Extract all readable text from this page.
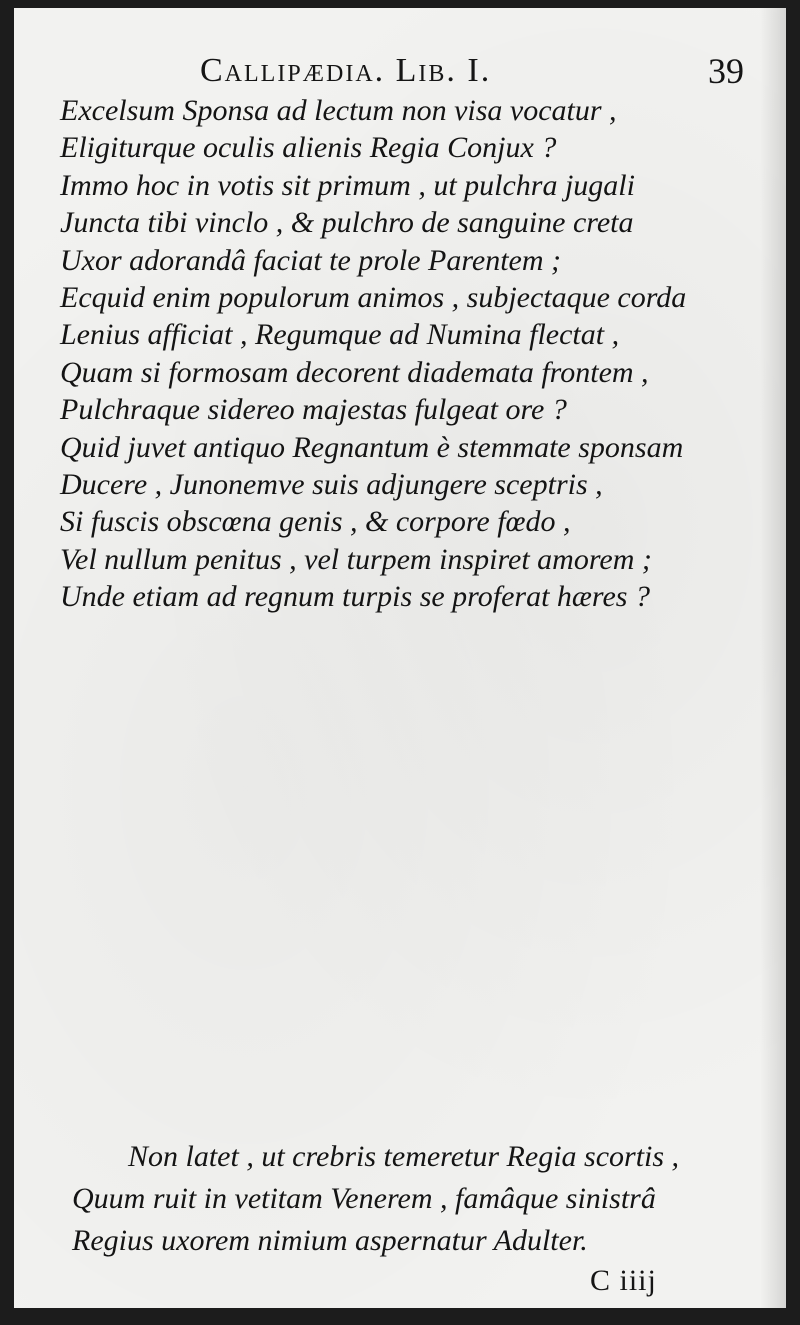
Callipædia. Lib. I.	39
Excelsum Sponsa ad lectum non visa vocatur ,
Eligiturque oculis alienis Regia Conjux ?
Immo hoc in votis sit primum , ut pulchra jugali
Juncta tibi vinclo , & pulchro de sanguine creta
Uxor adorandâ faciat te prole Parentem ;
Ecquid enim populorum animos , subjectaque corda
Lenius afficiat , Regumque ad Numina flectat ,
Quam si formosam decorent diademata frontem ,
Pulchraque sidereo majestas fulgeat ore ?
Quid juvet antiquo Regnantum è stemmate sponsam
Ducere , Junonemve suis adjungere sceptris ,
Si fuscis obscœna genis , & corpore fœdo ,
Vel nullum penitus , vel turpem inspiret amorem ;
Unde etiam ad regnum turpis se proferat hæres ?
Non latet , ut crebris temeretur Regia scortis ,
Quum ruit in vetitam Venerem , famâque sinistrâ
Regius uxorem nimium aspernatur Adulter.
C iiij
